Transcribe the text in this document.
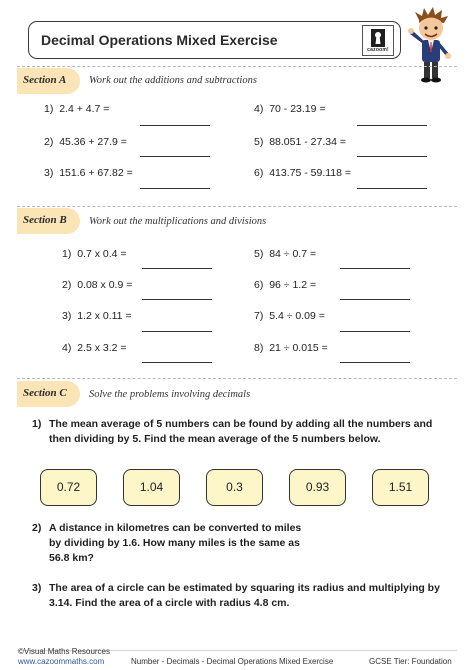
Decimal Operations Mixed Exercise
cazoom!
Section A Work out the additions and subtractions
1) 2.4 + 4.7 =
2) 45.36 + 27.9 =
3) 151.6 + 67.82 =
4) 70 - 23.19 =
5) 88.051 - 27.34 =
6) 413.75 - 59.118 =
Section B Work out the multiplications and divisions
1) 0.7 x 0.4 =
2) 0.08 x 0.9 =
3) 1.2 x 0.11 =
4) 2.5 x 3.2 =
5) 84 ÷ 0.7 =
6) 96 ÷ 1.2 =
7) 5.4 ÷ 0.09 =
8) 21 ÷ 0.015 =
Section C Solve the problems involving decimals
1) The mean average of 5 numbers can be found by adding all the numbers and then dividing by 5. Find the mean average of the 5 numbers below.
0.72	1.04	0.3	0.93	1.51
2) A distance in kilometres can be converted to miles by dividing by 1.6. How many miles is the same as 56.8 km?
3) The area of a circle can be estimated by squaring its radius and multiplying by 3.14. Find the area of a circle with radius 4.8 cm.
©Visual Maths Resources
www.cazoommaths.com	Number - Decimals - Decimal Operations Mixed Exercise	GCSE Tier: Foundation
